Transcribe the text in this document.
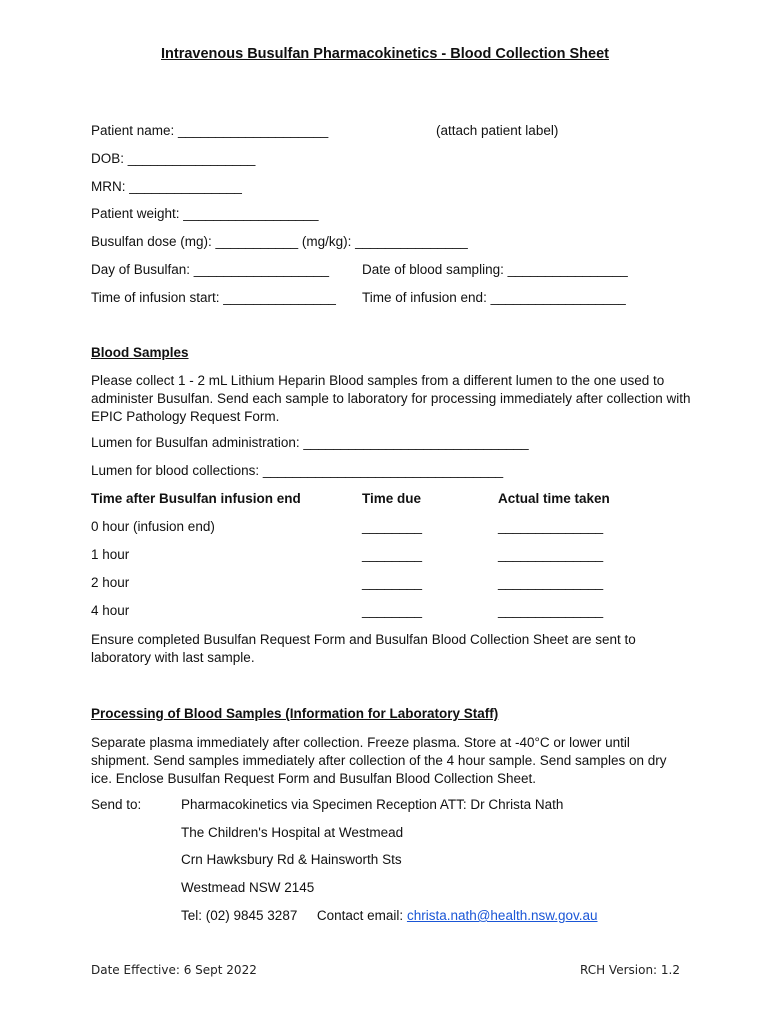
Intravenous Busulfan Pharmacokinetics - Blood Collection Sheet
Patient name: ____________________	(attach patient label)
DOB: _________________
MRN: _______________
Patient weight: __________________
Busulfan dose (mg): ___________ (mg/kg): _______________
Day of Busulfan: __________________ Date of blood sampling: ________________
Time of infusion start: _______________ Time of infusion end: __________________
Blood Samples
Please collect 1 - 2 mL Lithium Heparin Blood samples from a different lumen to the one used to administer Busulfan. Send each sample to laboratory for processing immediately after collection with EPIC Pathology Request Form.
Lumen for Busulfan administration: ______________________________
Lumen for blood collections: ________________________________
Time after Busulfan infusion end	Time due	Actual time taken
0 hour (infusion end)	________	______________
1 hour	________	______________
2 hour	________	______________
4 hour	________	______________
Ensure completed Busulfan Request Form and Busulfan Blood Collection Sheet are sent to laboratory with last sample.
Processing of Blood Samples (Information for Laboratory Staff)
Separate plasma immediately after collection. Freeze plasma. Store at -40°C or lower until shipment. Send samples immediately after collection of the 4 hour sample. Send samples on dry ice. Enclose Busulfan Request Form and Busulfan Blood Collection Sheet.
Send to:	Pharmacokinetics via Specimen Reception ATT: Dr Christa Nath
The Children's Hospital at Westmead
Crn Hawksbury Rd & Hainsworth Sts
Westmead NSW 2145
Tel: (02) 9845 3287 Contact email: christa.nath@health.nsw.gov.au
Date Effective: 6 Sept 2022	RCH Version: 1.2
